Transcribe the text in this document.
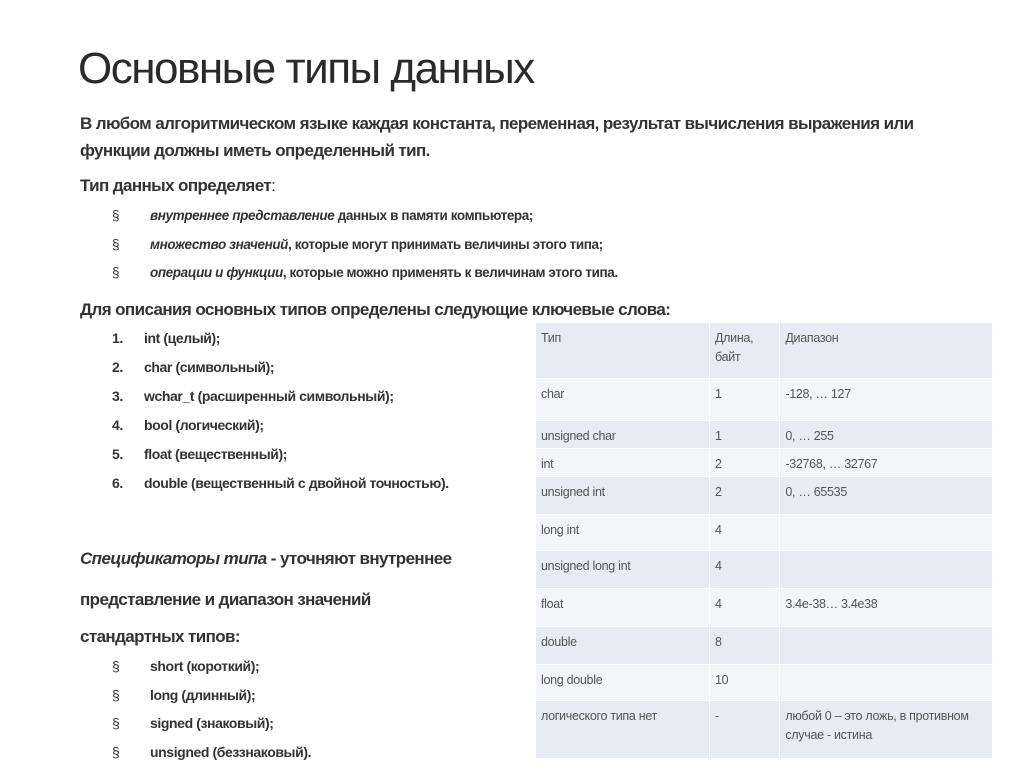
Основные типы данных
В любом алгоритмическом языке каждая константа, переменная, результат вычисления выражения или функции должны иметь определенный тип.
Тип данных определяет:
§ внутреннее представление данных в памяти компьютера;
§ множество значений, которые могут принимать величины этого типа;
§ операции и функции, которые можно применять к величинам этого типа.
Для описания основных типов определены следующие ключевые слова:
1. int (целый);
2. char (символьный);
3. wchar_t (расширенный символьный);
4. bool (логический);
5. float (вещественный);
6. double (вещественный с двойной точностью).
Спецификаторы типа - уточняют внутреннее
представление и диапазон значений
стандартных типов:
§ short (короткий);
§ long (длинный);
§ signed (знаковый);
§ unsigned (беззнаковый).
Тип	Длина, байт	Диапазон
char	1	-128, … 127
unsigned char	1	0, … 255
int	2	-32768, … 32767
unsigned int	2	0, … 65535
long int	4	
unsigned long int	4	
float	4	3.4e-38… 3.4e38
double	8	
long double	10	
логического типа нет	-	любой 0 – это ложь, в противном случае - истина
